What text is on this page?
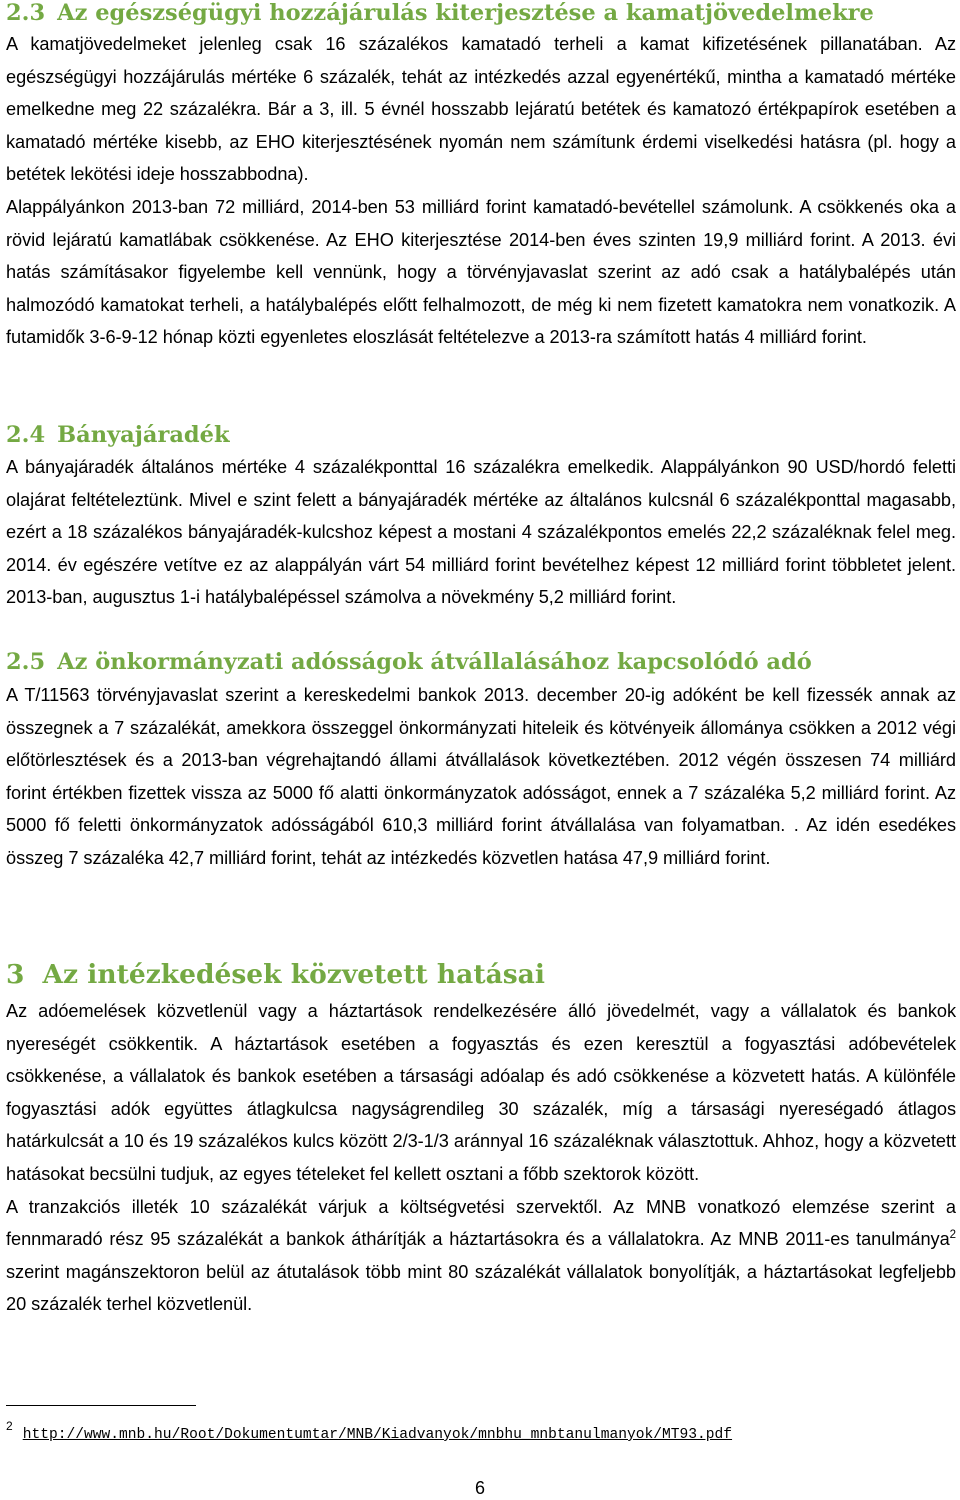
2.3 Az egészségügyi hozzájárulás kiterjesztése a kamatjövedelmekre

A kamatjövedelmeket jelenleg csak 16 százalékos kamatadó terheli a kamat kifizetésének pillanatában. Az egészségügyi hozzájárulás mértéke 6 százalék, tehát az intézkedés azzal egyenértékű, mintha a kamatadó mértéke emelkedne meg 22 százalékra. Bár a 3, ill. 5 évnél hosszabb lejáratú betétek és kamatozó értékpapírok esetében a kamatadó mértéke kisebb, az EHO kiterjesztésének nyomán nem számítunk érdemi viselkedési hatásra (pl. hogy a betétek lekötési ideje hosszabbodna).

Alappályánkon 2013-ban 72 milliárd, 2014-ben 53 milliárd forint kamatadó-bevétellel számolunk. A csökkenés oka a rövid lejáratú kamatlábak csökkenése. Az EHO kiterjesztése 2014-ben éves szinten 19,9 milliárd forint. A 2013. évi hatás számításakor figyelembe kell vennünk, hogy a törvényjavaslat szerint az adó csak a hatálybalépés után halmozódó kamatokat terheli, a hatálybalépés előtt felhalmozott, de még ki nem fizetett kamatokra nem vonatkozik. A futamidők 3-6-9-12 hónap közti egyenletes eloszlását feltételezve a 2013-ra számított hatás 4 milliárd forint.

2.4 Bányajáradék

A bányajáradék általános mértéke 4 százalékponttal 16 százalékra emelkedik. Alappályánkon 90 USD/hordó feletti olajárat feltételeztünk. Mivel e szint felett a bányajáradék mértéke az általános kulcsnál 6 százalékponttal magasabb, ezért a 18 százalékos bányajáradék-kulcshoz képest a mostani 4 százalékpontos emelés 22,2 százaléknak felel meg. 2014. év egészére vetítve ez az alappályán várt 54 milliárd forint bevételhez képest 12 milliárd forint többletet jelent. 2013-ban, augusztus 1-i hatálybalépéssel számolva a növekmény 5,2 milliárd forint.

2.5 Az önkormányzati adósságok átvállalásához kapcsolódó adó

A T/11563 törvényjavaslat szerint a kereskedelmi bankok 2013. december 20-ig adóként be kell fizessék annak az összegnek a 7 százalékát, amekkora összeggel önkormányzati hiteleik és kötvényeik állománya csökken a 2012 végi előtörlesztések és a 2013-ban végrehajtandó állami átvállalások következtében. 2012 végén összesen 74 milliárd forint értékben fizettek vissza az 5000 fő alatti önkormányzatok adósságot, ennek a 7 százaléka 5,2 milliárd forint. Az 5000 fő feletti önkormányzatok adósságából 610,3 milliárd forint átvállalása van folyamatban. . Az idén esedékes összeg 7 százaléka 42,7 milliárd forint, tehát az intézkedés közvetlen hatása 47,9 milliárd forint.

3 Az intézkedések közvetett hatásai

Az adóemelések közvetlenül vagy a háztartások rendelkezésére álló jövedelmét, vagy a vállalatok és bankok nyereségét csökkentik. A háztartások esetében a fogyasztás és ezen keresztül a fogyasztási adóbevételek csökkenése, a vállalatok és bankok esetében a társasági adóalap és adó csökkenése a közvetett hatás. A különféle fogyasztási adók együttes átlagkulcsa nagyságrendileg 30 százalék, míg a társasági nyereségadó átlagos határkulcsát a 10 és 19 százalékos kulcs között 2/3-1/3 aránnyal 16 százaléknak választottuk. Ahhoz, hogy a közvetett hatásokat becsülni tudjuk, az egyes tételeket fel kellett osztani a főbb szektorok között.

A tranzakciós illeték 10 százalékát várjuk a költségvetési szervektől. Az MNB vonatkozó elemzése szerint a fennmaradó rész 95 százalékát a bankok áthárítják a háztartásokra és a vállalatokra. Az MNB 2011-es tanulmánya$^2$ szerint magánszektoron belül az átutalások több mint 80 százalékát vállalatok bonyolítják, a háztartásokat legfeljebb 20 százalék terhel közvetlenül.

2http://www.mnb.hu/Root/Dokumentumtar/MNB/Kiadvanyok/mnbhu_mnbtanulmanyok/MT93.pdf
6
